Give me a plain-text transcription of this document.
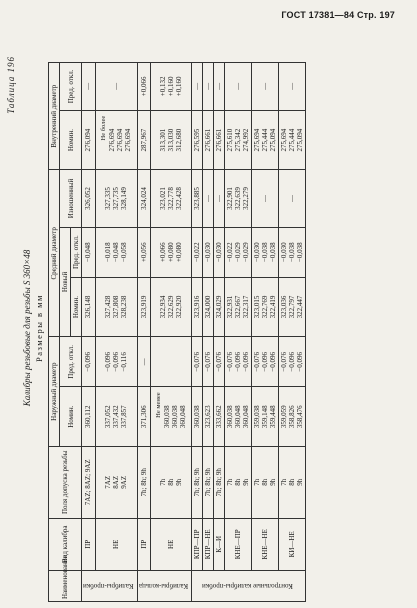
ГОСТ 17381—84 Стр. 197
Таблица 196
Калибры резьбовые для резьбы S 360×48 Размеры в мм
Наименование	Вид калибра	Поля допуска резьбы	Наружный диаметр		Средний диаметр			Внутренний диаметр	
			Номин.	Пред. откл.	Новый		Изношенный	Номин.	Пред. откл.
					Номин.	Пред. откл.			
Калибры-пробки	ПР	7AZ; 8AZ; 9AZ	360,112	−0,096	326,148	−0,048	326,052	276,094	—
	НЕ	7AZ
8AZ
9AZ	337,052
337,432
337,857	−0,096
−0,096
−0,116	327,428
327,808
328,238	−0,018
−0,048
−0,058	327,335
327,735
328,149	Не более 276,694
276,694
276,694	—
Калибры-кольца	ПР	7h; 8h; 9h	371,306	—	323,919	+0,056	324,024	287,967	+0,066
	НЕ	7h
8h
9h	Не менее 360,038
360,038
360,048		322,934
322,629
322,920	+0,066
+0,080
+0,080	323,021
322,778
322,428	313,301
313,030
312,680	+0,132
+0,160
+0,160
Контрольные калибры-пробки	КПР—ПР	7h; 8h; 9h	360,038	−0,076	323,916	−0,022	323,885	276,595	—
	КПР—НЕ	7h; 8h; 9h	323,623	−0,076	324,000	−0,030	—	276,661	—
	К—И	7h; 8h; 9h	333,662	−0,076	324,029	−0,030	—	276,661	—
	КНЕ—ПР	7h
8h
9h	360,038
360,048
360,048	−0,076
−0,096
−0,096	322,931
322,667
322,317	−0,022
−0,029
−0,029	322,901
322,639
322,279	275,610
275,342
274,992	—
	КНЕ—НЕ	7h
8h
9h	359,038
359,148
359,448	−0,076
−0,096
−0,096	323,015
322,769
322,419	−0,030
−0,038
−0,038	—	275,694
275,444
275,094	—
	КИ—НЕ	7h
8h
9h	359,059
358,826
358,476	−0,076
−0,096
−0,096	323,036
322,797
322,447	−0,030
−0,038
−0,038	—	275,694
275,444
275,094	—
